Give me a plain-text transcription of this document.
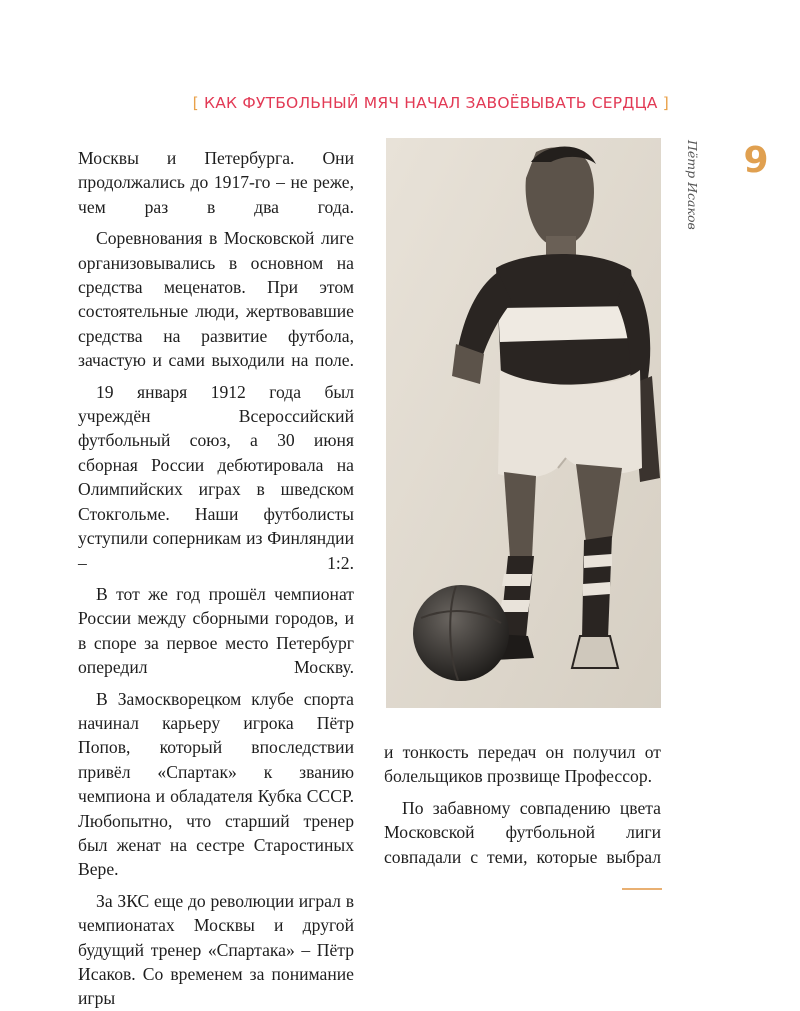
[ КАК ФУТБОЛЬНЫЙ МЯЧ НАЧАЛ ЗАВОЁВЫВАТЬ СЕРДЦА ]
9
Пётр Исаков

Москвы и Петербурга. Они продолжались до 1917-го – не реже, чем раз в два года.

Соревнования в Московской лиге организовывались в основном на средства меценатов. При этом состоятельные люди, жертвовавшие средства на развитие футбола, зачастую и сами выходили на поле.

19 января 1912 года был учреждён Всероссийский футбольный союз, а 30 июня сборная России дебютировала на Олимпийских играх в шведском Стокгольме. Наши футболисты уступили соперникам из Финляндии – 1:2.

В тот же год прошёл чемпионат России между сборными городов, и в споре за первое место Петербург опередил Москву.

В Замоскворецком клубе спорта начинал карьеру игрока Пётр Попов, который впоследствии привёл «Спартак» к званию чемпиона и обладателя Кубка СССР. Любопытно, что старший тренер был женат на сестре Старостиных Вере.

За ЗКС еще до революции играл в чемпионатах Москвы и другой будущий тренер «Спартака» – Пётр Исаков. Со временем за понимание игры

и тонкость передач он получил от болельщиков прозвище Профессор.

По забавному совпадению цвета Московской футбольной лиги совпадали с теми, которые выбрал
